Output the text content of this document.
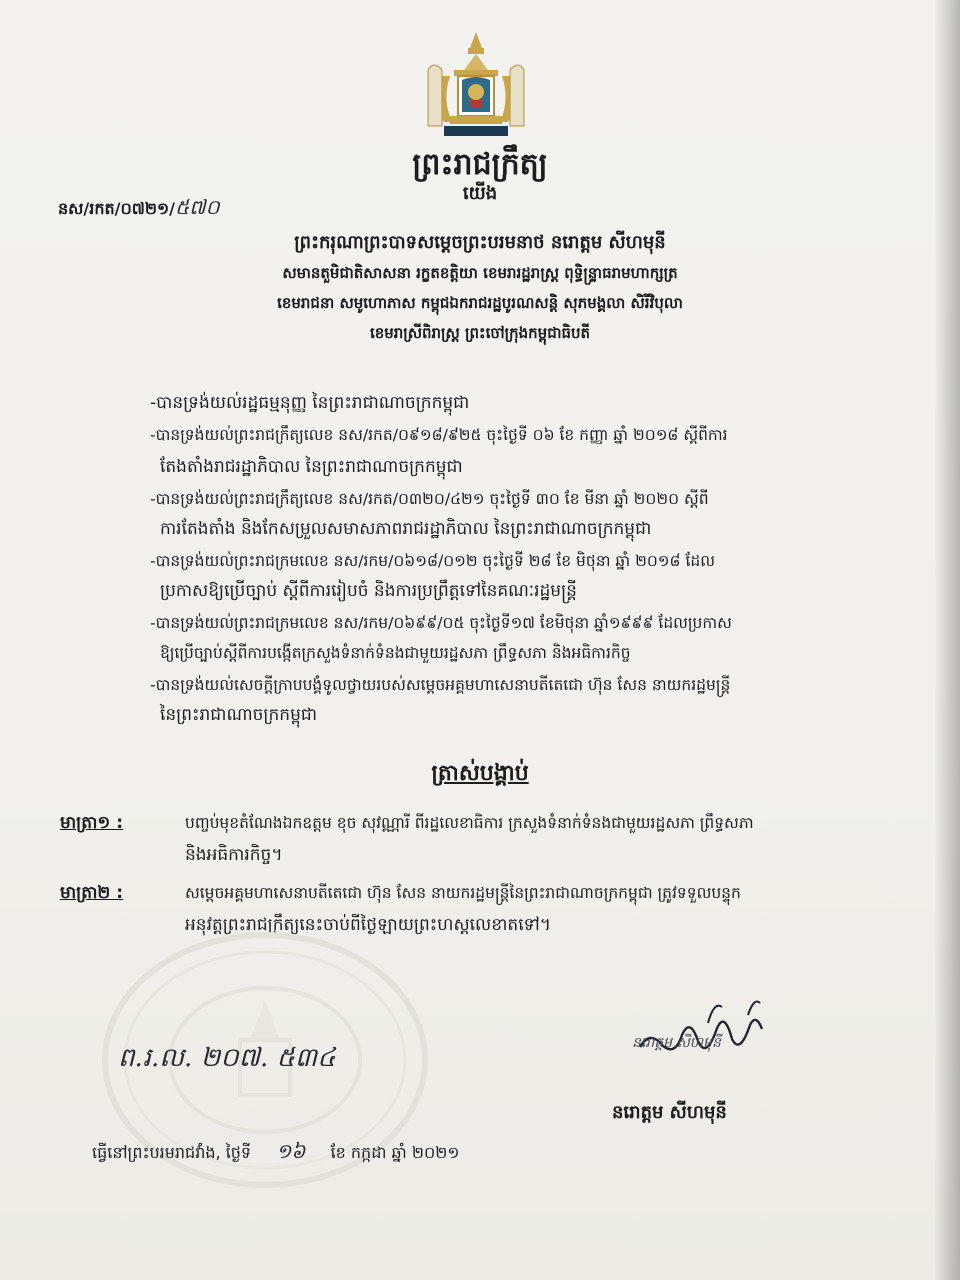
ព្រះរាជក្រឹត្យ
យើង
នស/រកត/០៧២១/៥៧០
ព្រះករុណាព្រះបាទសម្តេចព្រះបរមនាថ នរោត្តម សីហមុនី
សមានតួមិជាតិសាសនា រក្ខតខត្តិយា ខេមរារដ្ឋរាស្ត្រ ពុទ្ធិន្ទ្រាធរាមហាក្សត្រ
ខេមរាជនា សមូហោភាស កម្ពុជឯករាជរដ្ឋបូរណសន្តិ សុភមង្គលា សិរីវិបុលា
ខេមរាស្រីពិរាស្ត្រ ព្រះចៅក្រុងកម្ពុជាធិបតី
-បានទ្រង់យល់រដ្ឋធម្មនុញ្ញ នៃព្រះរាជាណាចក្រកម្ពុជា
-បានទ្រង់យល់ព្រះរាជក្រឹត្យលេខ នស/រកត/០៩១៨/៩២៥ ចុះថ្ងៃទី ០៦ ខែ កញ្ញា ឆ្នាំ ២០១៨ ស្តីពីការ
តែងតាំងរាជរដ្ឋាភិបាល នៃព្រះរាជាណាចក្រកម្ពុជា
-បានទ្រង់យល់ព្រះរាជក្រឹត្យលេខ នស/រកត/០៣២០/៤២១ ចុះថ្ងៃទី ៣០ ខែ មីនា ឆ្នាំ ២០២០ ស្តីពី
ការតែងតាំង និងកែសម្រួលសមាសភាពរាជរដ្ឋាភិបាល នៃព្រះរាជាណាចក្រកម្ពុជា
-បានទ្រង់យល់ព្រះរាជក្រមលេខ នស/រកម/០៦១៨/០១២ ចុះថ្ងៃទី ២៨ ខែ មិថុនា ឆ្នាំ ២០១៨ ដែល
ប្រកាសឱ្យប្រើច្បាប់ ស្តីពីការរៀបចំ និងការប្រព្រឹត្តទៅនៃគណៈរដ្ឋមន្ត្រី
-បានទ្រង់យល់ព្រះរាជក្រមលេខ នស/រកម/០៦៩៩/០៥ ចុះថ្ងៃទី១៧ ខែមិថុនា ឆ្នាំ១៩៩៩ ដែលប្រកាស
ឱ្យប្រើច្បាប់ស្តីពីការបង្កើតក្រសួងទំនាក់ទំនងជាមួយរដ្ឋសភា ព្រឹទ្ធសភា និងអធិការកិច្ច
-បានទ្រង់យល់សេចក្តីក្រាបបង្គំទូលថ្វាយរបស់សម្តេចអគ្គមហាសេនាបតីតេជោ ហ៊ុន សែន នាយករដ្ឋមន្ត្រី
នៃព្រះរាជាណាចក្រកម្ពុជា
ត្រាស់បង្គាប់
មាត្រា១ :	បញ្ចប់មុខតំណែងឯកឧត្តម ខុច សុវណ្ណារី ពីរដ្ឋលេខាធិការ ក្រសួងទំនាក់ទំនងជាមួយរដ្ឋសភា ព្រឹទ្ធសភា
និងអធិការកិច្ច។
មាត្រា២ :	សម្តេចអគ្គមហាសេនាបតីតេជោ ហ៊ុន សែន នាយករដ្ឋមន្ត្រីនៃព្រះរាជាណាចក្រកម្ពុជា ត្រូវទទួលបន្ទុក
អនុវត្តព្រះរាជក្រឹត្យនេះចាប់ពីថ្ងៃឡាយព្រះហស្តលេខាតទៅ។
ព.រ.ល. ២០៧. ៥៣៤	នរោត្តម សីហមុនី
នរោត្តម សីហមុនី
ធ្វើនៅព្រះបរមរាជវាំង, ថ្ងៃទី ១៦ ខែ កក្កដា ឆ្នាំ ២០២១
